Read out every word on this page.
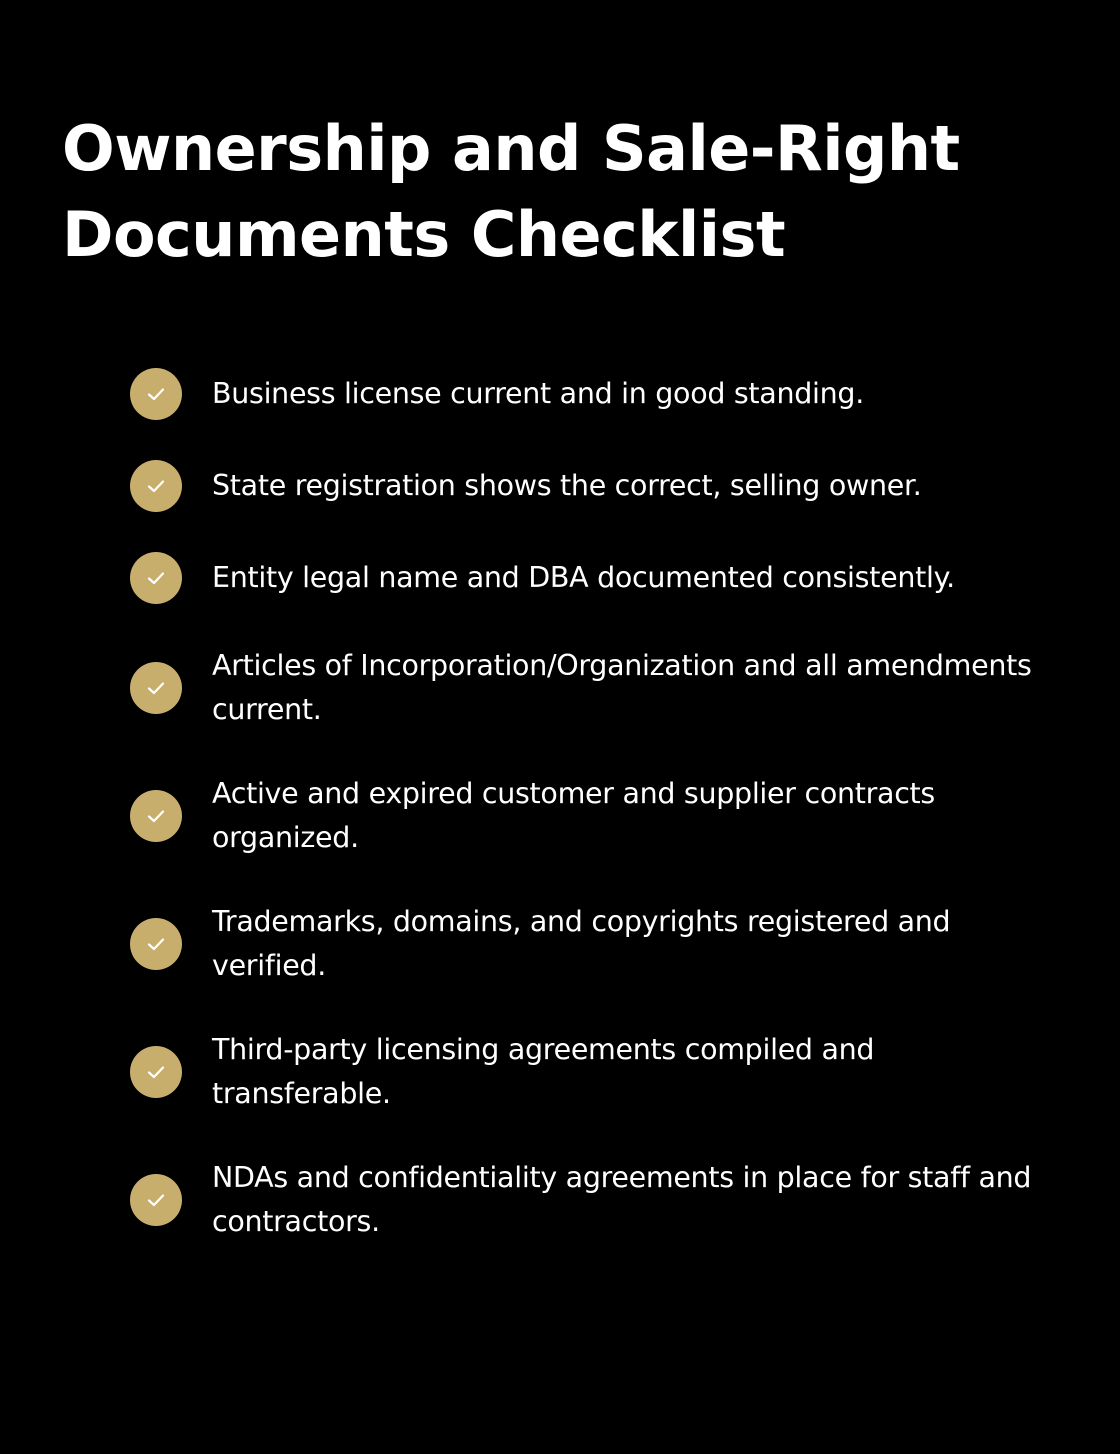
Ownership and Sale-Right
Documents Checklist
Business license current and in good standing.
State registration shows the correct, selling owner.
Entity legal name and DBA documented consistently.
Articles of Incorporation/Organization and all amendments current.
Active and expired customer and supplier contracts organized.
Trademarks, domains, and copyrights registered and verified.
Third-party licensing agreements compiled and transferable.
NDAs and confidentiality agreements in place for staff and contractors.
